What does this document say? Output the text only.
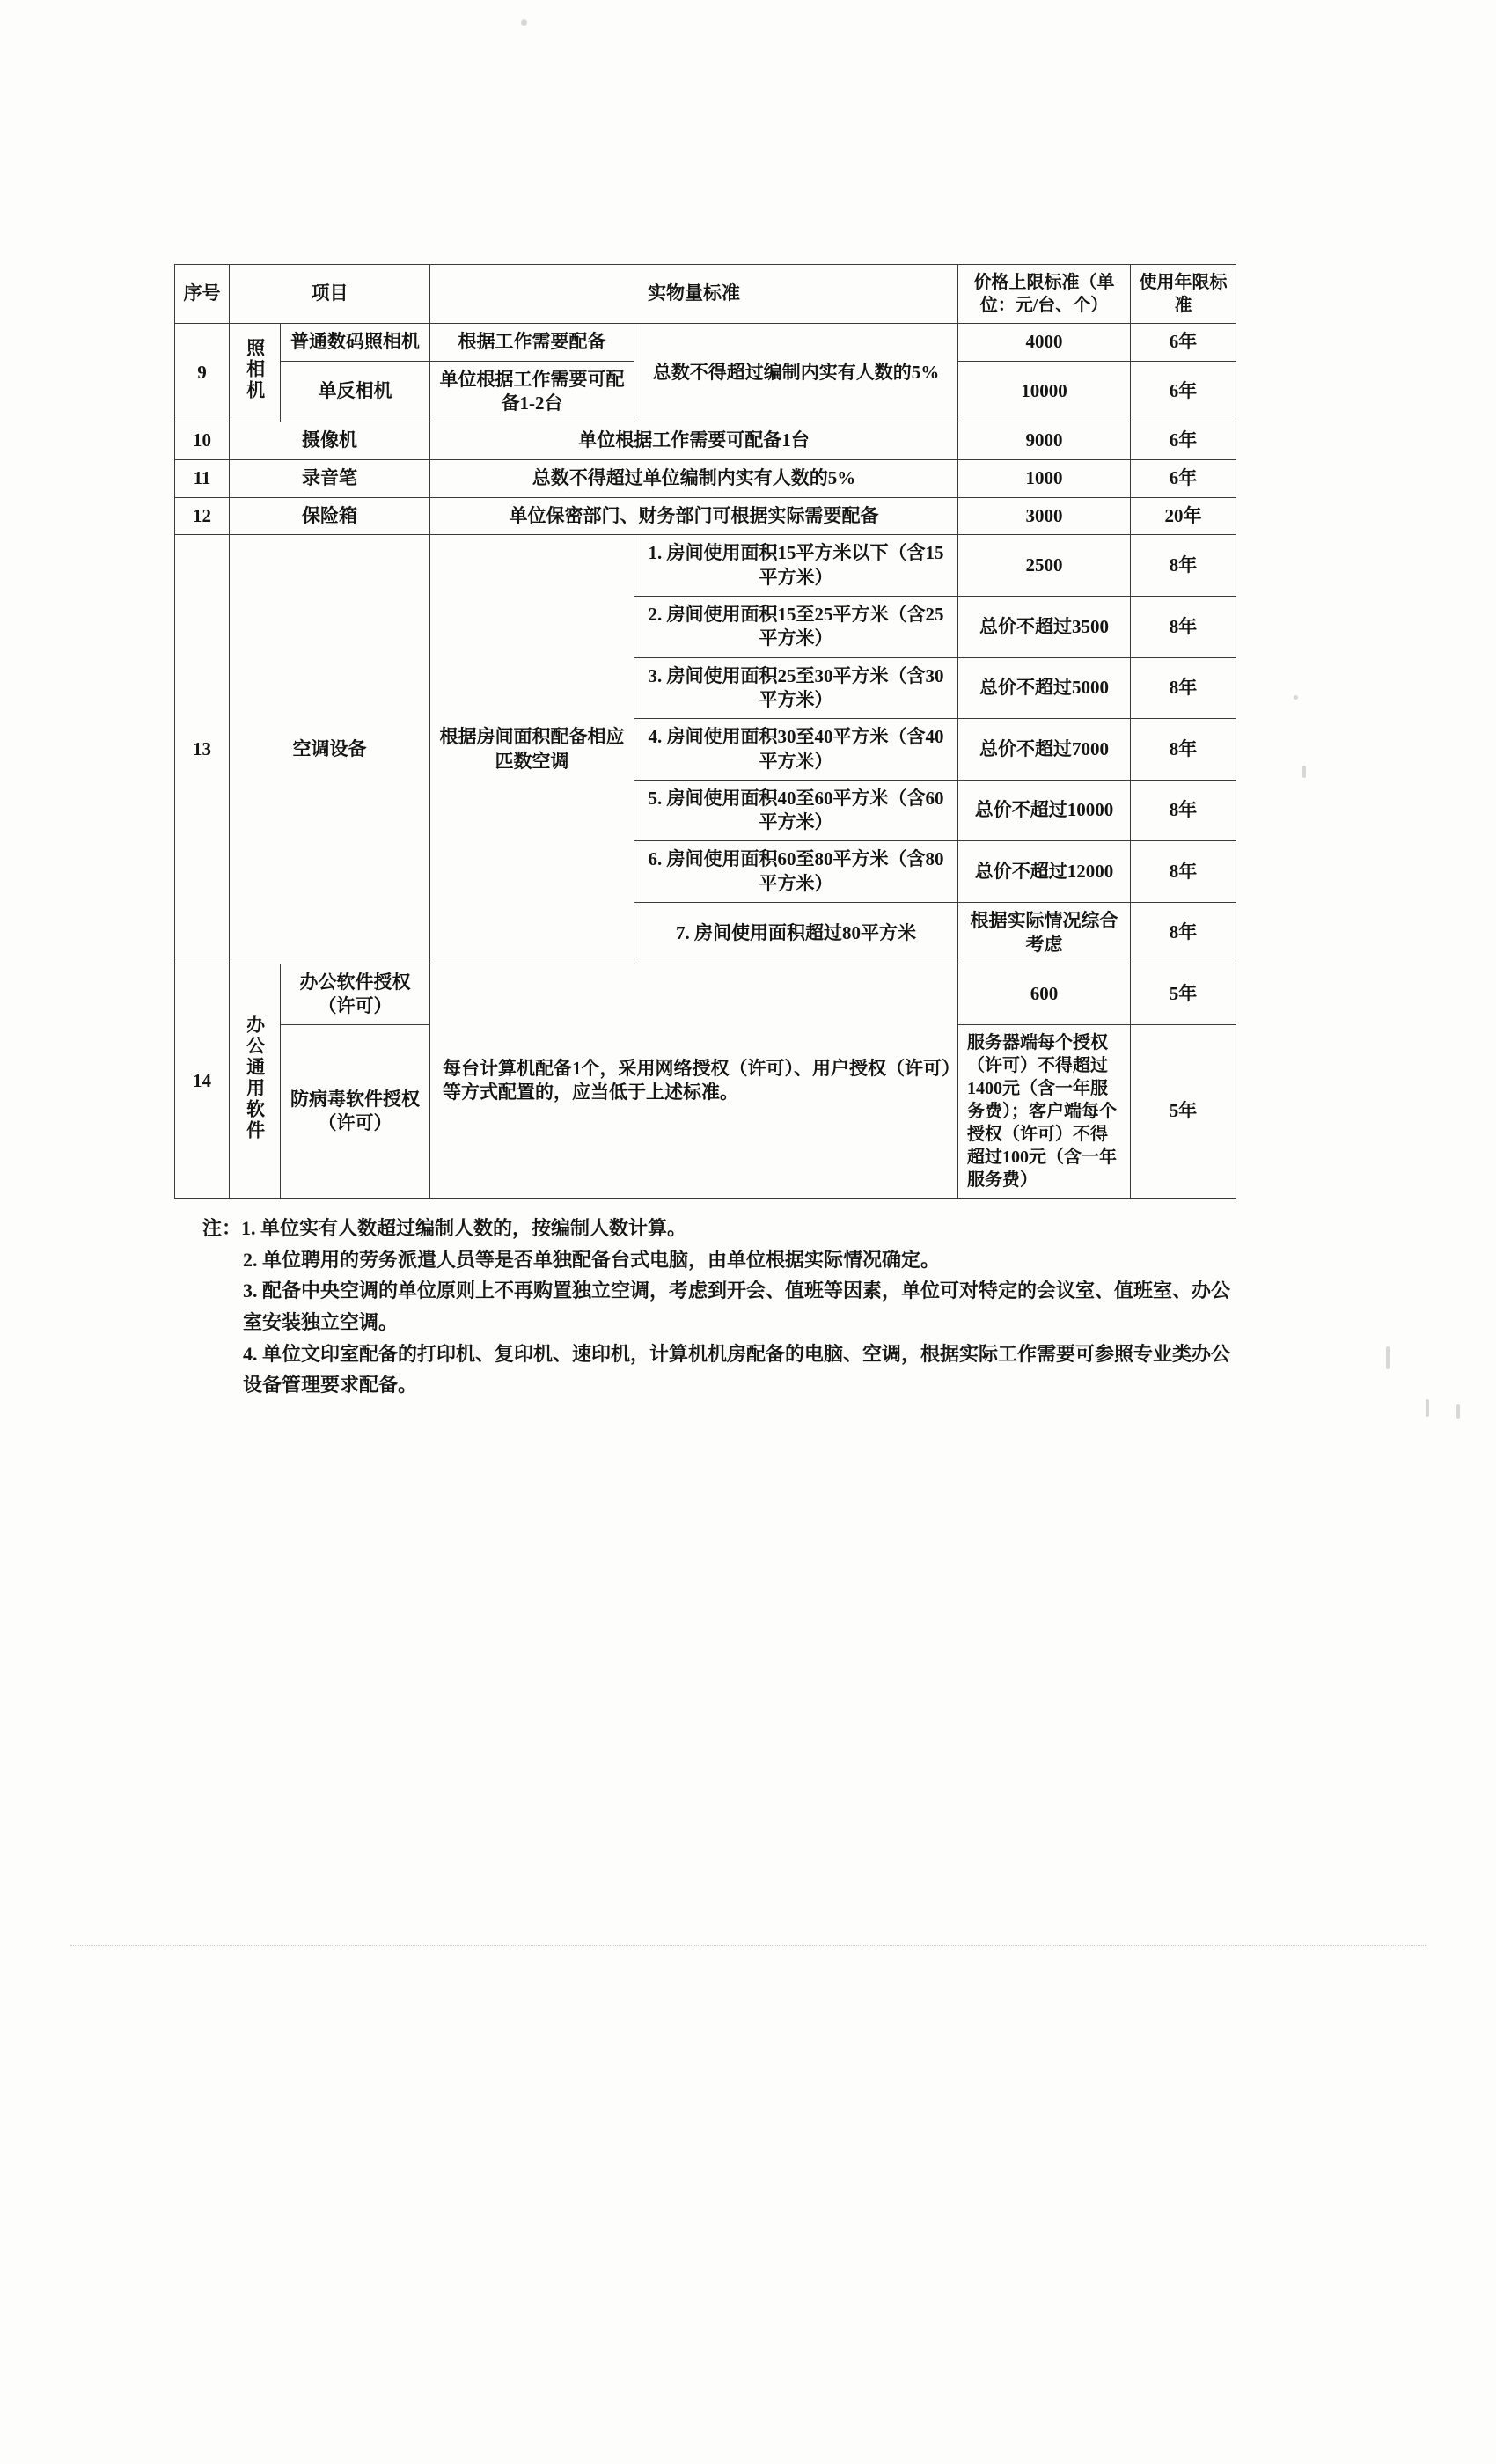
序号	项目		实物量标准		价格上限标准（单位：元/台、个）	使用年限标准
9	照相机	普通数码照相机	根据工作需要配备	总数不得超过编制内实有人数的5%	4000	6年
		单反相机	单位根据工作需要可配备1-2台		10000	6年
10	摄像机		单位根据工作需要可配备1台		9000	6年
11	录音笔		总数不得超过单位编制内实有人数的5%		1000	6年
12	保险箱		单位保密部门、财务部门可根据实际需要配备		3000	20年
13	空调设备		根据房间面积配备相应匹数空调	1. 房间使用面积15平方米以下（含15平方米）	2500	8年
				2. 房间使用面积15至25平方米（含25平方米）	总价不超过3500	8年
				3. 房间使用面积25至30平方米（含30平方米）	总价不超过5000	8年
				4. 房间使用面积30至40平方米（含40平方米）	总价不超过7000	8年
				5. 房间使用面积40至60平方米（含60平方米）	总价不超过10000	8年
				6. 房间使用面积60至80平方米（含80平方米）	总价不超过12000	8年
				7. 房间使用面积超过80平方米	根据实际情况综合考虑	8年
14	办公通用软件	办公软件授权（许可）	每台计算机配备1个，采用网络授权（许可）、用户授权（许可）等方式配置的，应当低于上述标准。		600	5年
		防病毒软件授权（许可）			服务器端每个授权（许可）不得超过1400元（含一年服务费）；客户端每个授权（许可）不得超过100元（含一年服务费）	5年

注：1. 单位实有人数超过编制人数的，按编制人数计算。

2. 单位聘用的劳务派遣人员等是否单独配备台式电脑，由单位根据实际情况确定。

3. 配备中央空调的单位原则上不再购置独立空调，考虑到开会、值班等因素，单位可对特定的会议室、值班室、办公室安装独立空调。

4. 单位文印室配备的打印机、复印机、速印机，计算机机房配备的电脑、空调，根据实际工作需要可参照专业类办公设备管理要求配备。
